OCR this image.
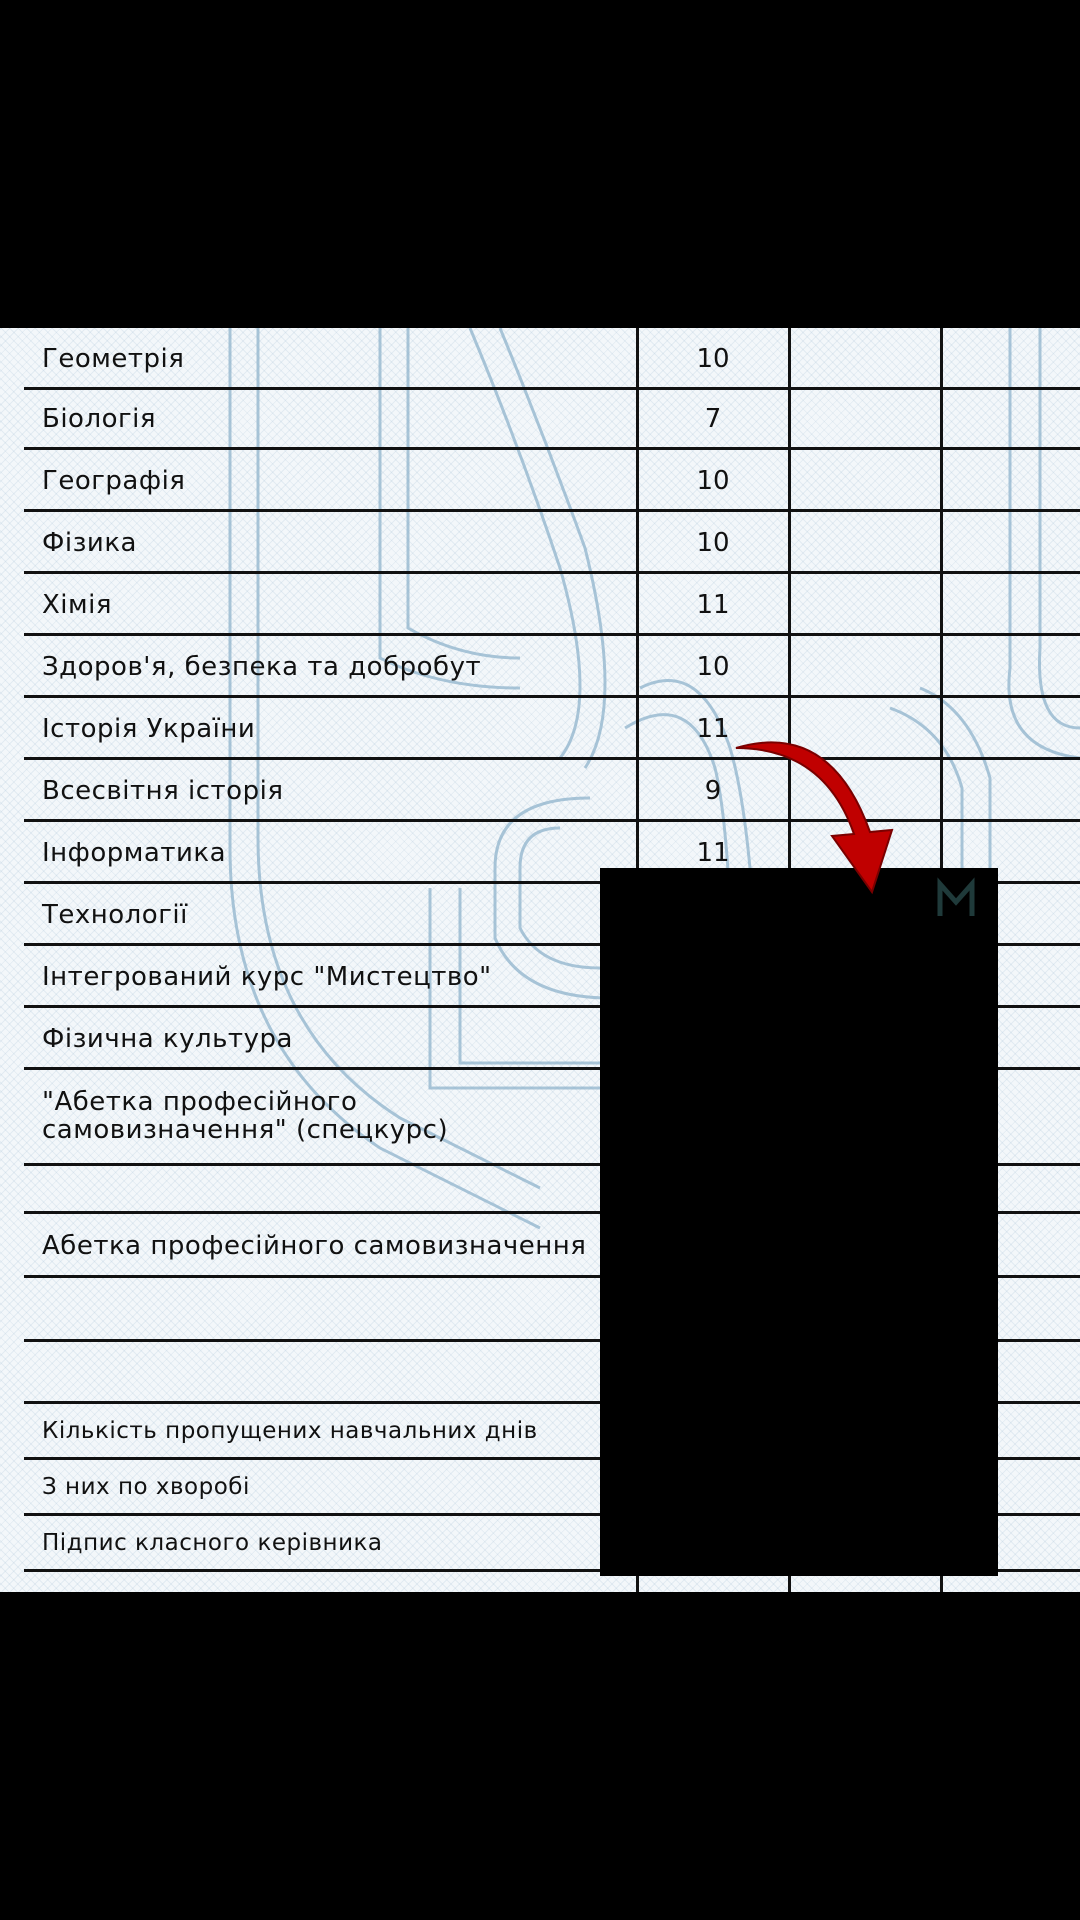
Геометрія	10
Біологія	7
Географія	10
Фізика	10
Хімія	11
Здоров'я, безпека та добробут	10
Історія України	11
Всесвітня історія	9
Інформатика	11
Технології
Інтегрований курс "Мистецтво"
Фізична культура
"Абетка професійного
самовизначення" (спецкурс)
Абетка професійного самовизначення
Кількість пропущених навчальних днів
З них по хворобі
Підпис класного керівника
